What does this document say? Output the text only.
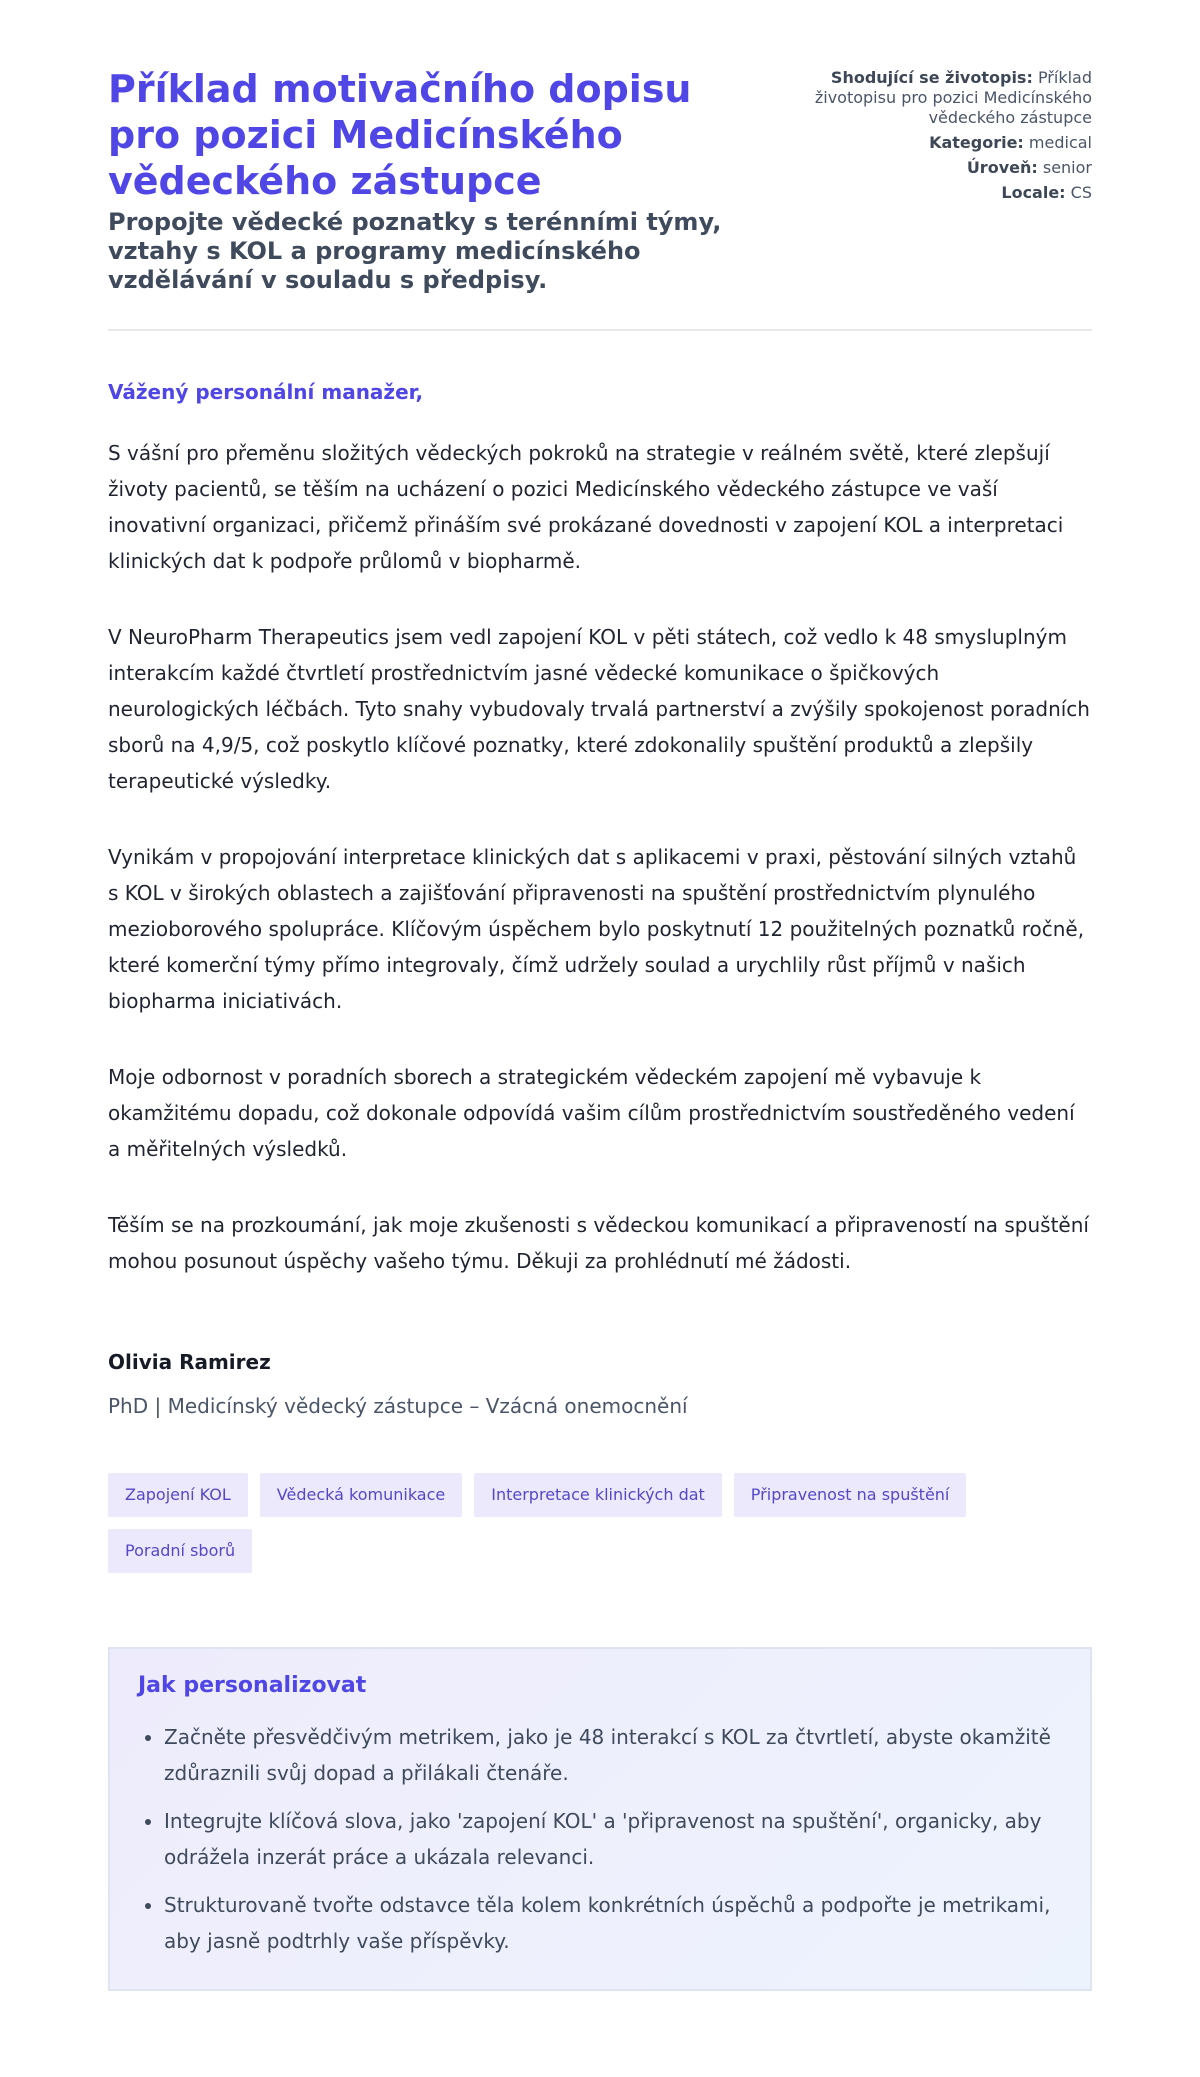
Příklad motivačního dopisu pro pozici Medicínského vědeckého zástupce
Propojte vědecké poznatky s terénními týmy, vztahy s KOL a programy medicínského vzdělávání v souladu s předpisy.
Shodující se životopis: Příklad životopisu pro pozici Medicínského vědeckého zástupce
Kategorie: medical
Úroveň: senior
Locale: CS

Vážený personální manažer,

S vášní pro přeměnu složitých vědeckých pokroků na strategie v reálném světě, které zlepšují životy pacientů, se těším na ucházení o pozici Medicínského vědeckého zástupce ve vaší inovativní organizaci, přičemž přináším své prokázané dovednosti v zapojení KOL a interpretaci klinických dat k podpoře průlomů v biopharmě.

V NeuroPharm Therapeutics jsem vedl zapojení KOL v pěti státech, což vedlo k 48 smysluplným interakcím každé čtvrtletí prostřednictvím jasné vědecké komunikace o špičkových neurologických léčbách. Tyto snahy vybudovaly trvalá partnerství a zvýšily spokojenost poradních sborů na 4,9/5, což poskytlo klíčové poznatky, které zdokonalily spuštění produktů a zlepšily terapeutické výsledky.

Vynikám v propojování interpretace klinických dat s aplikacemi v praxi, pěstování silných vztahů s KOL v širokých oblastech a zajišťování připravenosti na spuštění prostřednictvím plynulého mezioborového spolupráce. Klíčovým úspěchem bylo poskytnutí 12 použitelných poznatků ročně, které komerční týmy přímo integrovaly, čímž udržely soulad a urychlily růst příjmů v našich biopharma iniciativách.

Moje odbornost v poradních sborech a strategickém vědeckém zapojení mě vybavuje k okamžitému dopadu, což dokonale odpovídá vašim cílům prostřednictvím soustředěného vedení a měřitelných výsledků.

Těším se na prozkoumání, jak moje zkušenosti s vědeckou komunikací a připraveností na spuštění mohou posunout úspěchy vašeho týmu. Děkuji za prohlédnutí mé žádosti.

Olivia Ramirez

PhD | Medicínský vědecký zástupce – Vzácná onemocnění

Zapojení KOL	Vědecká komunikace	Interpretace klinických dat	Připravenost na spuštění
Poradní sborů
Jak personalizovat
• Začněte přesvědčivým metrikem, jako je 48 interakcí s KOL za čtvrtletí, abyste okamžitě zdůraznili svůj dopad a přilákali čtenáře.
• Integrujte klíčová slova, jako 'zapojení KOL' a 'připravenost na spuštění', organicky, aby odrážela inzerát práce a ukázala relevanci.
• Strukturovaně tvořte odstavce těla kolem konkrétních úspěchů a podpořte je metrikami, aby jasně podtrhly vaše příspěvky.
